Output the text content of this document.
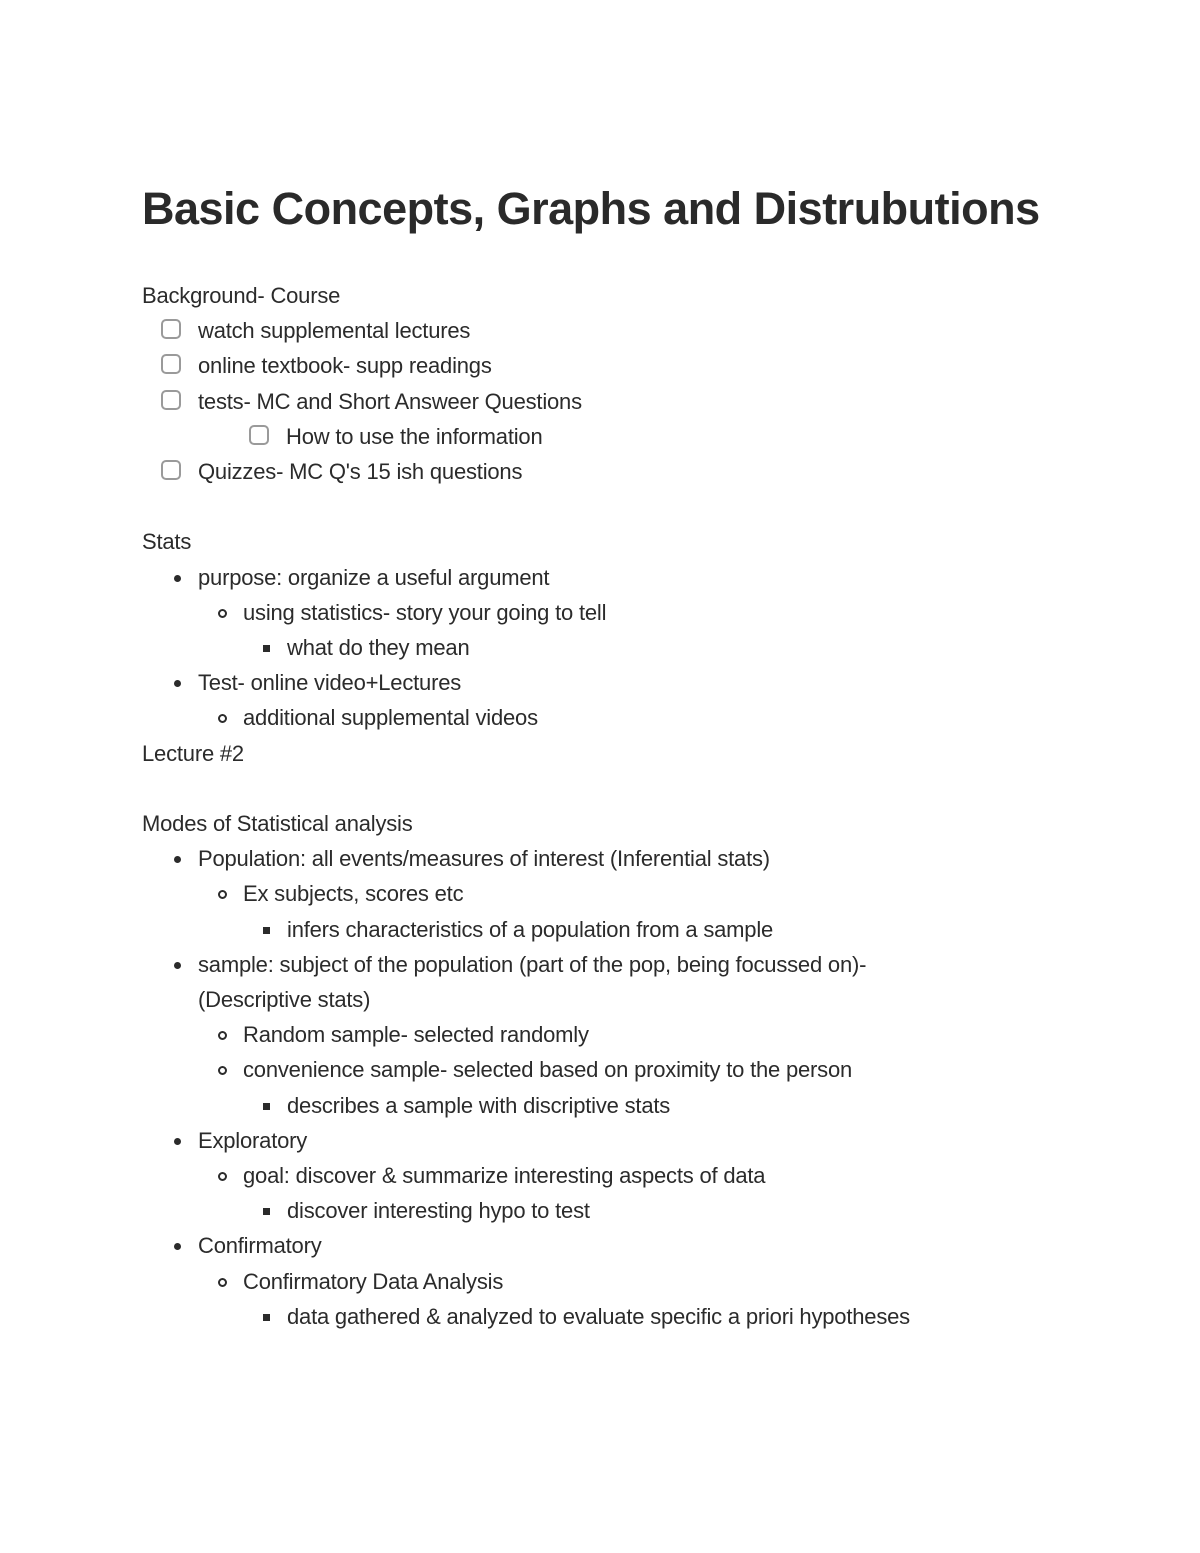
Basic Concepts, Graphs and Distrubutions
Background- Course
watch supplemental lectures
online textbook- supp readings
tests- MC and Short Answeer Questions
How to use the information
Quizzes- MC Q's 15 ish questions
Stats
purpose: organize a useful argument
using statistics- story your going to tell
what do they mean
Test- online video+Lectures
additional supplemental videos
Lecture #2
Modes of Statistical analysis
Population: all events/measures of interest (Inferential stats)
Ex subjects, scores etc
infers characteristics of a population from a sample
sample: subject of the population (part of the pop, being focussed on)- (Descriptive stats)
Random sample- selected randomly
convenience sample- selected based on proximity to the person
describes a sample with discriptive stats
Exploratory
goal: discover & summarize interesting aspects of data
discover interesting hypo to test
Confirmatory
Confirmatory Data Analysis
data gathered & analyzed to evaluate specific a priori hypotheses
